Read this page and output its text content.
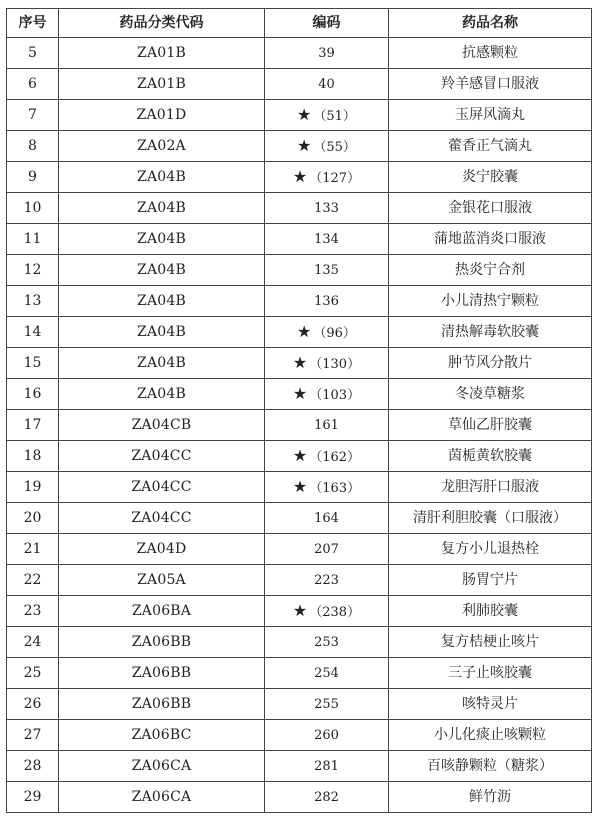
序号	药品分类代码	编码	药品名称
5	ZA01B	39	抗感颗粒
6	ZA01B	40	羚羊感冒口服液
7	ZA01D	★ （51）	玉屏风滴丸
8	ZA02A	★ （55）	藿香正气滴丸
9	ZA04B	★ （127）	炎宁胶囊
10	ZA04B	133	金银花口服液
11	ZA04B	134	蒲地蓝消炎口服液
12	ZA04B	135	热炎宁合剂
13	ZA04B	136	小儿清热宁颗粒
14	ZA04B	★ （96）	清热解毒软胶囊
15	ZA04B	★ （130）	肿节风分散片
16	ZA04B	★ （103）	冬凌草糖浆
17	ZA04CB	161	草仙乙肝胶囊
18	ZA04CC	★ （162）	茵栀黄软胶囊
19	ZA04CC	★ （163）	龙胆泻肝口服液
20	ZA04CC	164	清肝利胆胶囊（口服液）
21	ZA04D	207	复方小儿退热栓
22	ZA05A	223	肠胃宁片
23	ZA06BA	★ （238）	利肺胶囊
24	ZA06BB	253	复方桔梗止咳片
25	ZA06BB	254	三子止咳胶囊
26	ZA06BB	255	咳特灵片
27	ZA06BC	260	小儿化痰止咳颗粒
28	ZA06CA	281	百咳静颗粒（糖浆）
29	ZA06CA	282	鲜竹沥
